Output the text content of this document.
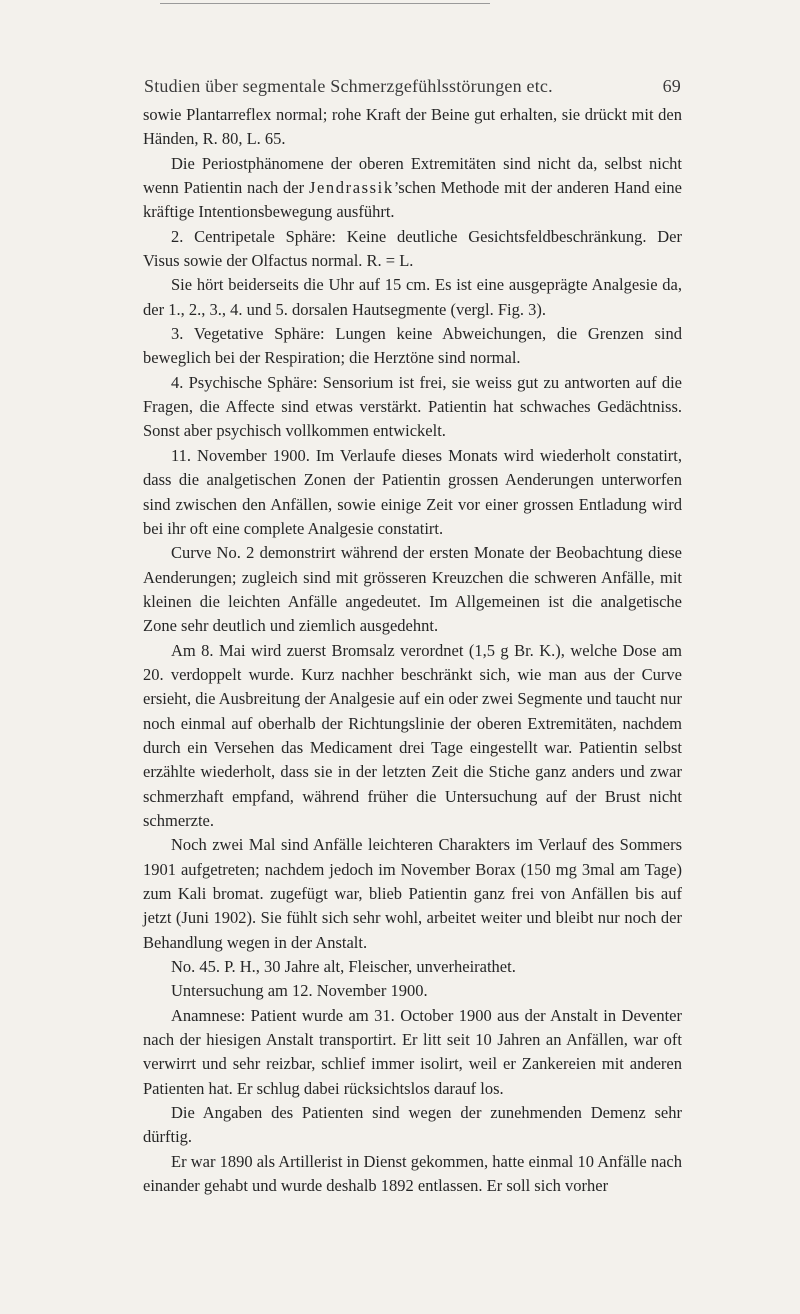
Studien über segmentale Schmerzgefühlsstörungen etc.	69

sowie Plantarreflex normal; rohe Kraft der Beine gut erhalten, sie drückt mit den Händen, R. 80, L. 65.

Die Periostphänomene der oberen Extremitäten sind nicht da, selbst nicht wenn Patientin nach der Jendrassik’schen Methode mit der anderen Hand eine kräftige Intentionsbewegung ausführt.

2. Centripetale Sphäre: Keine deutliche Gesichtsfeldbeschränkung. Der Visus sowie der Olfactus normal. R. = L.

Sie hört beiderseits die Uhr auf 15 cm. Es ist eine ausgeprägte Analgesie da, der 1., 2., 3., 4. und 5. dorsalen Hautsegmente (vergl. Fig. 3).

3. Vegetative Sphäre: Lungen keine Abweichungen, die Grenzen sind beweglich bei der Respiration; die Herztöne sind normal.

4. Psychische Sphäre: Sensorium ist frei, sie weiss gut zu antworten auf die Fragen, die Affecte sind etwas verstärkt. Patientin hat schwaches Gedächtniss. Sonst aber psychisch vollkommen entwickelt.

11. November 1900. Im Verlaufe dieses Monats wird wiederholt constatirt, dass die analgetischen Zonen der Patientin grossen Aenderungen unterworfen sind zwischen den Anfällen, sowie einige Zeit vor einer grossen Entladung wird bei ihr oft eine complete Analgesie constatirt.

Curve No. 2 demonstrirt während der ersten Monate der Beobachtung diese Aenderungen; zugleich sind mit grösseren Kreuzchen die schweren Anfälle, mit kleinen die leichten Anfälle angedeutet. Im Allgemeinen ist die analgetische Zone sehr deutlich und ziemlich ausgedehnt.

Am 8. Mai wird zuerst Bromsalz verordnet (1,5 g Br. K.), welche Dose am 20. verdoppelt wurde. Kurz nachher beschränkt sich, wie man aus der Curve ersieht, die Ausbreitung der Analgesie auf ein oder zwei Segmente und taucht nur noch einmal auf oberhalb der Richtungslinie der oberen Extremitäten, nachdem durch ein Versehen das Medicament drei Tage eingestellt war. Patientin selbst erzählte wiederholt, dass sie in der letzten Zeit die Stiche ganz anders und zwar schmerzhaft empfand, während früher die Untersuchung auf der Brust nicht schmerzte.

Noch zwei Mal sind Anfälle leichteren Charakters im Verlauf des Sommers 1901 aufgetreten; nachdem jedoch im November Borax (150 mg 3mal am Tage) zum Kali bromat. zugefügt war, blieb Patientin ganz frei von Anfällen bis auf jetzt (Juni 1902). Sie fühlt sich sehr wohl, arbeitet weiter und bleibt nur noch der Behandlung wegen in der Anstalt.

No. 45. P. H., 30 Jahre alt, Fleischer, unverheirathet.

Untersuchung am 12. November 1900.

Anamnese: Patient wurde am 31. October 1900 aus der Anstalt in Deventer nach der hiesigen Anstalt transportirt. Er litt seit 10 Jahren an Anfällen, war oft verwirrt und sehr reizbar, schlief immer isolirt, weil er Zankereien mit anderen Patienten hat. Er schlug dabei rücksichtslos darauf los.

Die Angaben des Patienten sind wegen der zunehmenden Demenz sehr dürftig.

Er war 1890 als Artillerist in Dienst gekommen, hatte einmal 10 Anfälle nach einander gehabt und wurde deshalb 1892 entlassen. Er soll sich vorher
